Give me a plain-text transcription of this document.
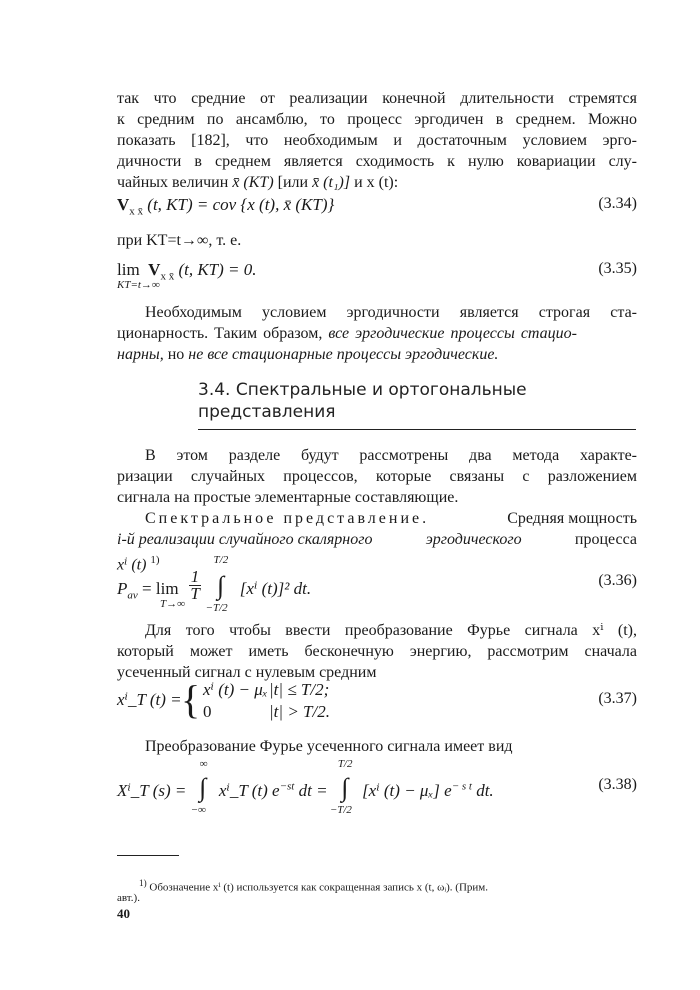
так что средние от реализации конечной длительности стремятся
к средним по ансамблю, то процесс эргодичен в среднем. Можно
показать [182], что необходимым и достаточным условием эрго-
дичности в среднем является сходимость к нулю ковариации слу-
чайных величин x̄ (KT) [или x̄ (t₁)] и x (t):
$V_{x x̄}$ (t, KT) = cov {x (t), x̄ (KT)}	(3.34)
при KT=t→∞, т. е.
lim
KT=t→∞
$V_{x x̄}$ (t, KT) = 0.	(3.35)
Необходимым условием эргодичности является строгая ста-
ционарность. Таким образом, все эргодические процессы стацио-
нарны, но не все стационарные процессы эргодические.
3.4. Спектральные и ортогональные
представления
В этом разделе будут рассмотрены два метода характе-
ризации случайных процессов, которые связаны с разложением
сигнала на простые элементарные составляющие.
Спектральное представление.	Средняя мощность
i-й реализации случайного скалярного	эргодического	процесса
xⁱ (t) $^{1)}$
$P_{av} = \lim$
T→∞

$\frac{1}{T}$ ∫
T/2
−T/2
[xⁱ (t)]² dt.	(3.36)
Для того чтобы ввести преобразование Фурье сигнала xⁱ (t),
который может иметь бесконечную энергию, рассмотрим сначала
усеченный сигнал с нулевым средним
xⁱ_T (t) = { xⁱ (t) − μₓ |t| ≤ T/2;
0	|t| > T/2.
(3.37)
Преобразование Фурье усеченного сигнала имеет вид
Xⁱ_T (s) = ∫
∞
−∞
xⁱ_T (t) $e^{-st}$ dt = ∫
T/2
−T/2
[xⁱ (t) − μₓ] $e^{- s t}$ dt.	(3.38)
$^{1)}$ Обозначение xⁱ (t) используется как сокращенная запись x (t, ωᵢ). (Прим.
авт.).
40
